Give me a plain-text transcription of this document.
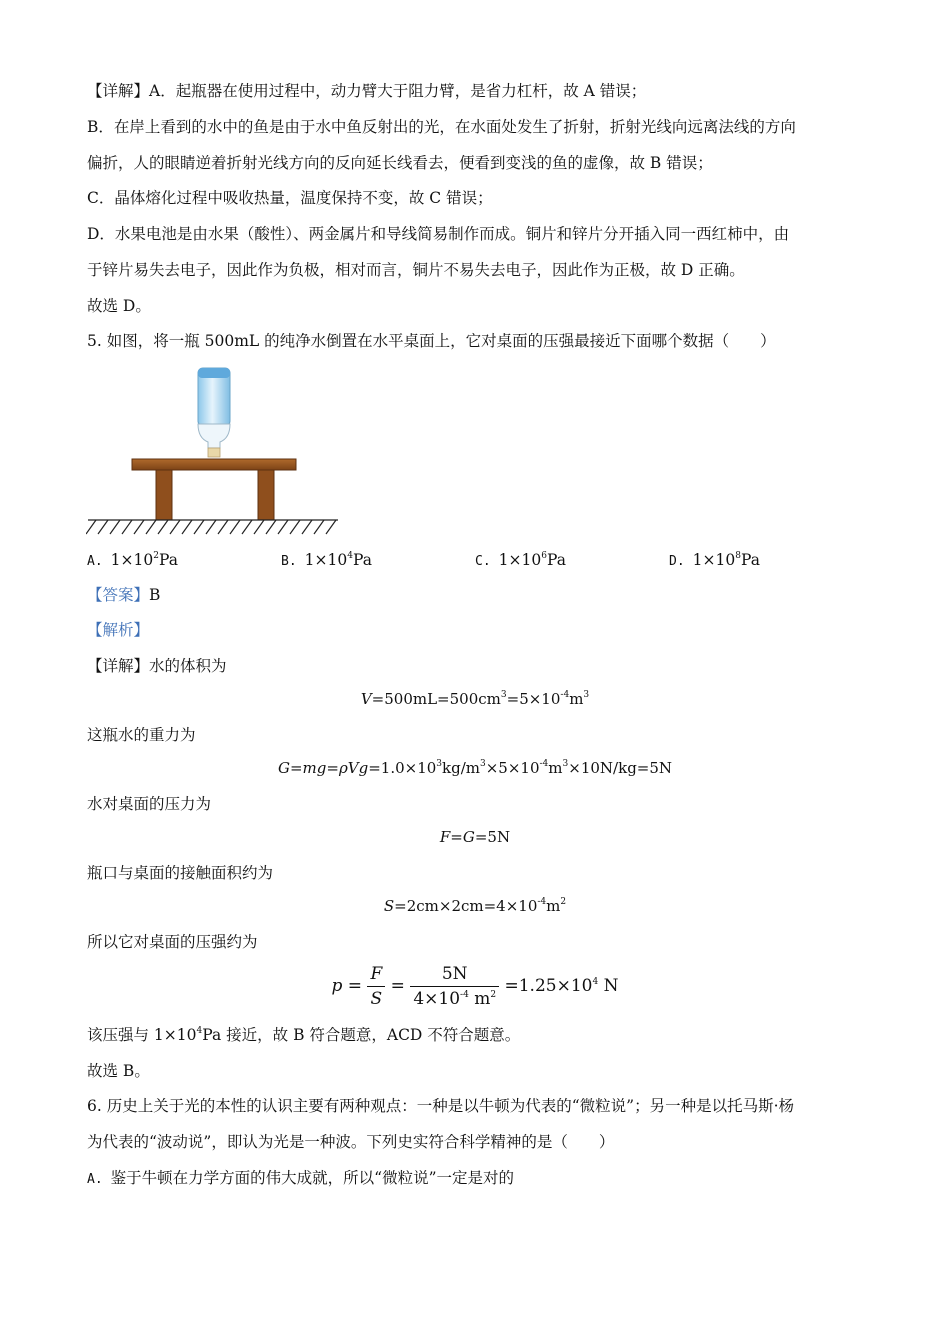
【详解】A．起瓶器在使用过程中，动力臂大于阻力臂，是省力杠杆，故 A 错误；
B．在岸上看到的水中的鱼是由于水中鱼反射出的光，在水面处发生了折射，折射光线向远离法线的方向
偏折，人的眼睛逆着折射光线方向的反向延长线看去，便看到变浅的鱼的虚像，故 B 错误；
C．晶体熔化过程中吸收热量，温度保持不变，故 C 错误；
D．水果电池是由水果（酸性）、两金属片和导线简易制作而成。铜片和锌片分开插入同一西红柿中，由
于锌片易失去电子，因此作为负极，相对而言，铜片不易失去电子，因此作为正极，故 D 正确。
故选 D。
5. 如图，将一瓶 500mL 的纯净水倒置在水平桌面上，它对桌面的压强最接近下面哪个数据（　　）
A. $1\times 10^2Pa$	B. $1\times 10^4Pa$	C. $1\times 10^6Pa$	D. $1\times 10^8Pa$
【答案】B
【解析】
【详解】水的体积为
$V=500mL=500cm^3=5\times 10^{-4}m^3$
这瓶水的重力为
$G=mg=\rho Vg=1.0\times 10^3kg/m^3\times 5\times 10^{-4}m^3\times 10N/kg=5N$
水对桌面的压力为
F=G=5N
瓶口与桌面的接触面积约为
$S=2cm\times 2cm=4\times 10^{-4}m^2$
所以它对桌面的压强约为
$p = \frac{F}{S} = \frac{5N}{4\times 10^{-4} m^2} =1.25\times 10^4$ N
该压强与 $1\times 10^4Pa$ 接近，故 B 符合题意，ACD 不符合题意。
故选 B。
6. 历史上关于光的本性的认识主要有两种观点：一种是以牛顿为代表的“微粒说”；另一种是以托马斯·杨
为代表的“波动说”，即认为光是一种波。下列史实符合科学精神的是（　　）
A. 鉴于牛顿在力学方面的伟大成就，所以“微粒说”一定是对的
